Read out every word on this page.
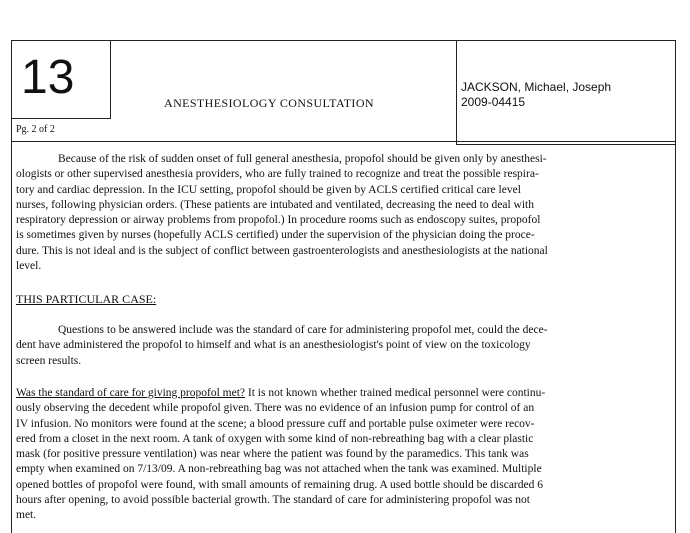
13
Pg. 2 of 2
ANESTHESIOLOGY CONSULTATION
JACKSON, Michael, Joseph
2009-04415
Because of the risk of sudden onset of full general anesthesia, propofol should be given only by anesthesi-
ologists or other supervised anesthesia providers, who are fully trained to recognize and treat the possible respira-
tory and cardiac depression. In the ICU setting, propofol should be given by ACLS certified critical care level
nurses, following physician orders. (These patients are intubated and ventilated, decreasing the need to deal with
respiratory depression or airway problems from propofol.) In procedure rooms such as endoscopy suites, propofol
is sometimes given by nurses (hopefully ACLS certified) under the supervision of the physician doing the proce-
dure. This is not ideal and is the subject of conflict between gastroenterologists and anesthesiologists at the national
level.
THIS PARTICULAR CASE:
Questions to be answered include was the standard of care for administering propofol met, could the dece-
dent have administered the propofol to himself and what is an anesthesiologist's point of view on the toxicology
screen results.
Was the standard of care for giving propofol met? It is not known whether trained medical personnel were continu-
ously observing the decedent while propofol given. There was no evidence of an infusion pump for control of an
IV infusion. No monitors were found at the scene; a blood pressure cuff and portable pulse oximeter were recov-
ered from a closet in the next room. A tank of oxygen with some kind of non-rebreathing bag with a clear plastic
mask (for positive pressure ventilation) was near where the patient was found by the paramedics. This tank was
empty when examined on 7/13/09. A non-rebreathing bag was not attached when the tank was examined. Multiple
opened bottles of propofol were found, with small amounts of remaining drug. A used bottle should be discarded 6
hours after opening, to avoid possible bacterial growth. The standard of care for administering propofol was not
met.
